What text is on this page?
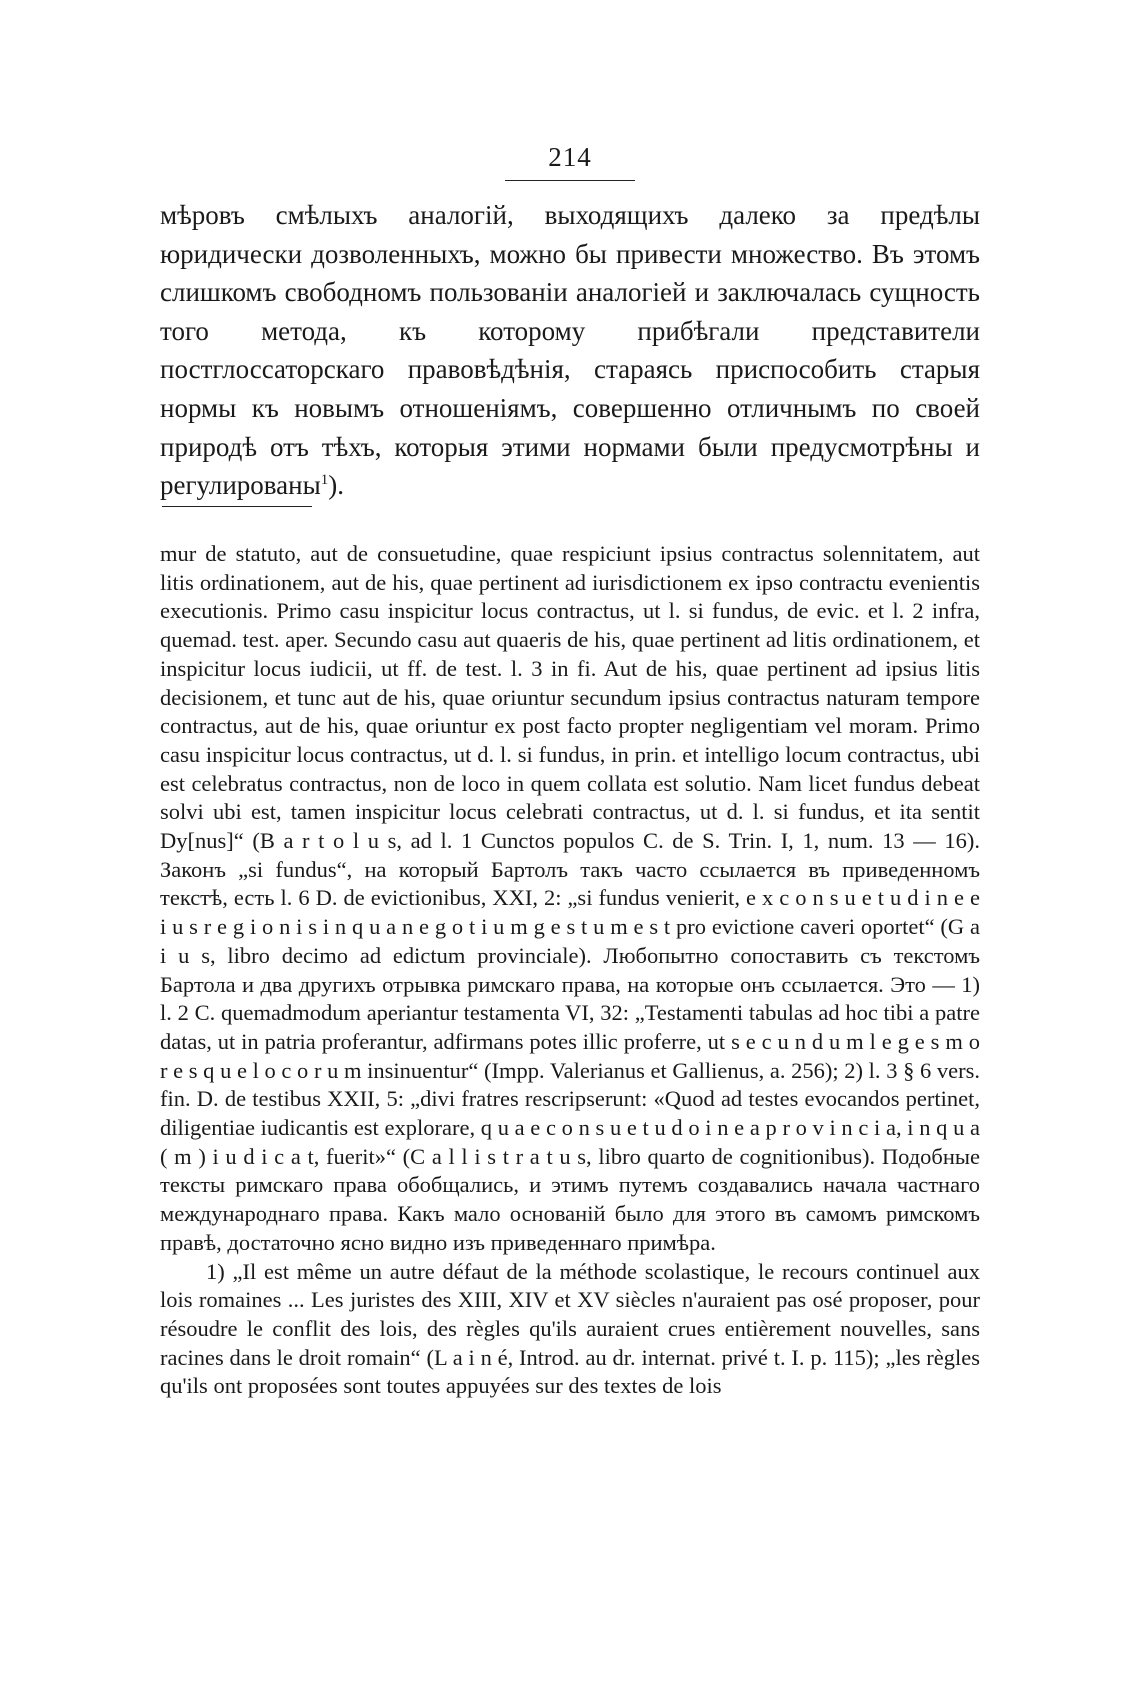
214

мѣровъ смѣлыхъ аналогій, выходящихъ далеко за предѣлы юридически дозволенныхъ, можно бы привести множество. Въ этомъ слишкомъ свободномъ пользованіи аналогіей и заключалась сущность того метода, къ которому прибѣгали представители постглоссаторскаго правовѣдѣнія, стараясь приспособить старыя нормы къ новымъ отношеніямъ, совершенно отличнымъ по своей природѣ отъ тѣхъ, которыя этими нормами были предусмотрѣны и регулированы$^1$).

mur de statuto, aut de consuetudine, quae respiciunt ipsius contractus solennitatem, aut litis ordinationem, aut de his, quae pertinent ad iurisdictionem ex ipso contractu evenientis executionis. Primo casu inspicitur locus contractus, ut l. si fundus, de evic. et l. 2 infra, quemad. test. aper. Secundo casu aut quaeris de his, quae pertinent ad litis ordinationem, et inspicitur locus iudicii, ut ff. de test. l. 3 in fi. Aut de his, quae pertinent ad ipsius litis decisionem, et tunc aut de his, quae oriuntur secundum ipsius contractus naturam tempore contractus, aut de his, quae oriuntur ex post facto propter negligentiam vel moram. Primo casu inspicitur locus contractus, ut d. l. si fundus, in prin. et intelligo locum contractus, ubi est celebratus contractus, non de loco in quem collata est solutio. Nam licet fundus debeat solvi ubi est, tamen inspicitur locus celebrati contractus, ut d. l. si fundus, et ita sentit Dy[nus]“ (B a r t o l u s, ad l. 1 Cunctos populos C. de S. Trin. I, 1, num. 13 — 16). Законъ „si fundus“, на который Бартолъ такъ часто ссылается въ приведенномъ текстѣ, есть l. 6 D. de evictionibus, XXI, 2: „si fundus venierit, e x c o n s u e t u d i n e e i u s r e g i o n i s i n q u a n e g o t i u m g e s t u m e s t pro evictione caveri oportet“ (G a i u s, libro decimo ad edictum provinciale). Любопытно сопоставить съ текстомъ Бартола и два другихъ отрывка римскаго права, на которые онъ ссылается. Это — 1) l. 2 C. quemadmodum aperiantur testamenta VI, 32: „Testamenti tabulas ad hoc tibi a patre datas, ut in patria proferantur, adfirmans potes illic proferre, ut s e c u n d u m l e g e s m o r e s q u e l o c o r u m insinuentur“ (Impp. Valerianus et Gallienus, a. 256); 2) l. 3 § 6 vers. fin. D. de testibus XXII, 5: „divi fratres rescripserunt: «Quod ad testes evocandos pertinet, diligentiae iudicantis est explorare, q u a e c o n s u e t u d o i n e a p r o v i n c i a, i n q u a ( m ) i u d i c a t, fuerit»“ (C a l l i s t r a t u s, libro quarto de cognitionibus). Подобные тексты римскаго права обобщались, и этимъ путемъ создавались начала частнаго международнаго права. Какъ мало основаній было для этого въ самомъ римскомъ правѣ, достаточно ясно видно изъ приведеннаго примѣра.

1) „Il est même un autre défaut de la méthode scolastique, le recours continuel aux lois romaines ... Les juristes des XIII, XIV et XV siècles n'auraient pas osé proposer, pour résoudre le conflit des lois, des règles qu'ils auraient crues entièrement nouvelles, sans racines dans le droit romain“ (L a i n é, Introd. au dr. internat. privé t. I. p. 115); „les règles qu'ils ont proposées sont toutes appuyées sur des textes de lois
